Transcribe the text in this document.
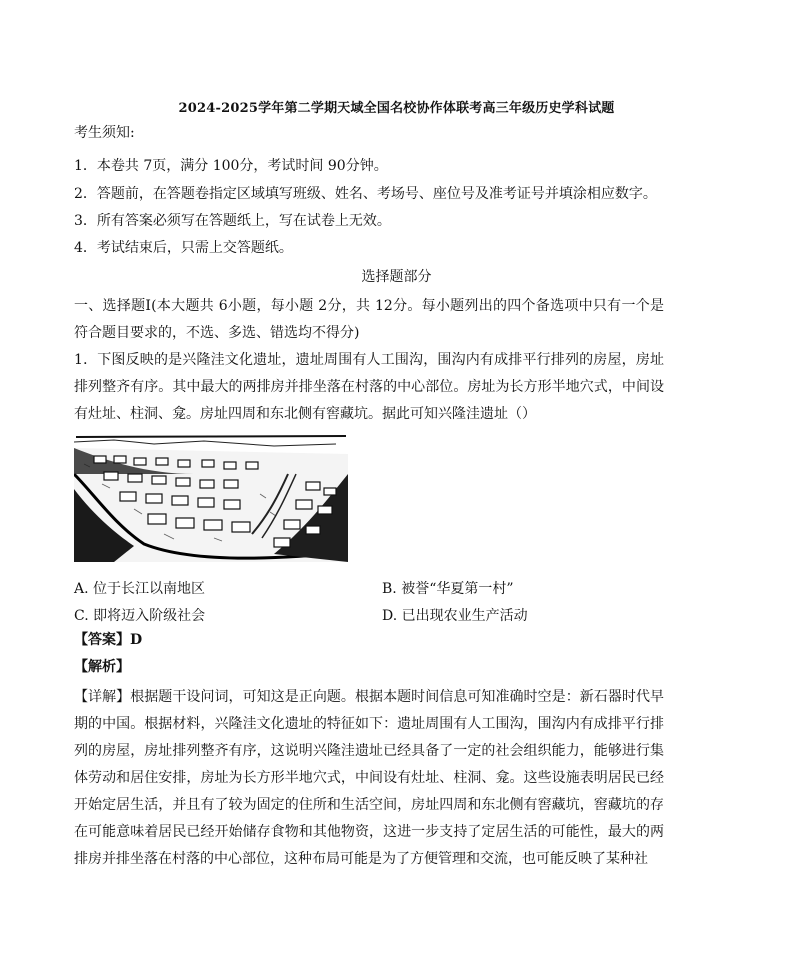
2024-2025学年第二学期天域全国名校协作体联考高三年级历史学科试题
考生须知:
1．本卷共 7页，满分 100分，考试时间 90分钟。
2．答题前，在答题卷指定区域填写班级、姓名、考场号、座位号及准考证号并填涂相应数字。
3．所有答案必须写在答题纸上，写在试卷上无效。
4．考试结束后，只需上交答题纸。
选择题部分
一、选择题Ⅰ(本大题共 6小题，每小题 2分，共 12分。每小题列出的四个备选项中只有一个是符合题目要求的，不选、多选、错选均不得分)
1．下图反映的是兴隆洼文化遗址，遗址周围有人工围沟，围沟内有成排平行排列的房屋，房址排列整齐有序。其中最大的两排房并排坐落在村落的中心部位。房址为长方形半地穴式，中间设有灶址、柱洞、龛。房址四周和东北侧有窖藏坑。据此可知兴隆洼遗址（）
A. 位于长江以南地区	B. 被誉“华夏第一村”
C. 即将迈入阶级社会	D. 已出现农业生产活动
【答案】D
【解析】
【详解】根据题干设问词，可知这是正向题。根据本题时间信息可知准确时空是：新石器时代早期的中国。根据材料，兴隆洼文化遗址的特征如下：遗址周围有人工围沟，围沟内有成排平行排列的房屋，房址排列整齐有序，这说明兴隆洼遗址已经具备了一定的社会组织能力，能够进行集体劳动和居住安排，房址为长方形半地穴式，中间设有灶址、柱洞、龛。这些设施表明居民已经开始定居生活，并且有了较为固定的住所和生活空间，房址四周和东北侧有窖藏坑，窖藏坑的存在可能意味着居民已经开始储存食物和其他物资，这进一步支持了定居生活的可能性，最大的两排房并排坐落在村落的中心部位，这种布局可能是为了方便管理和交流，也可能反映了某种社
